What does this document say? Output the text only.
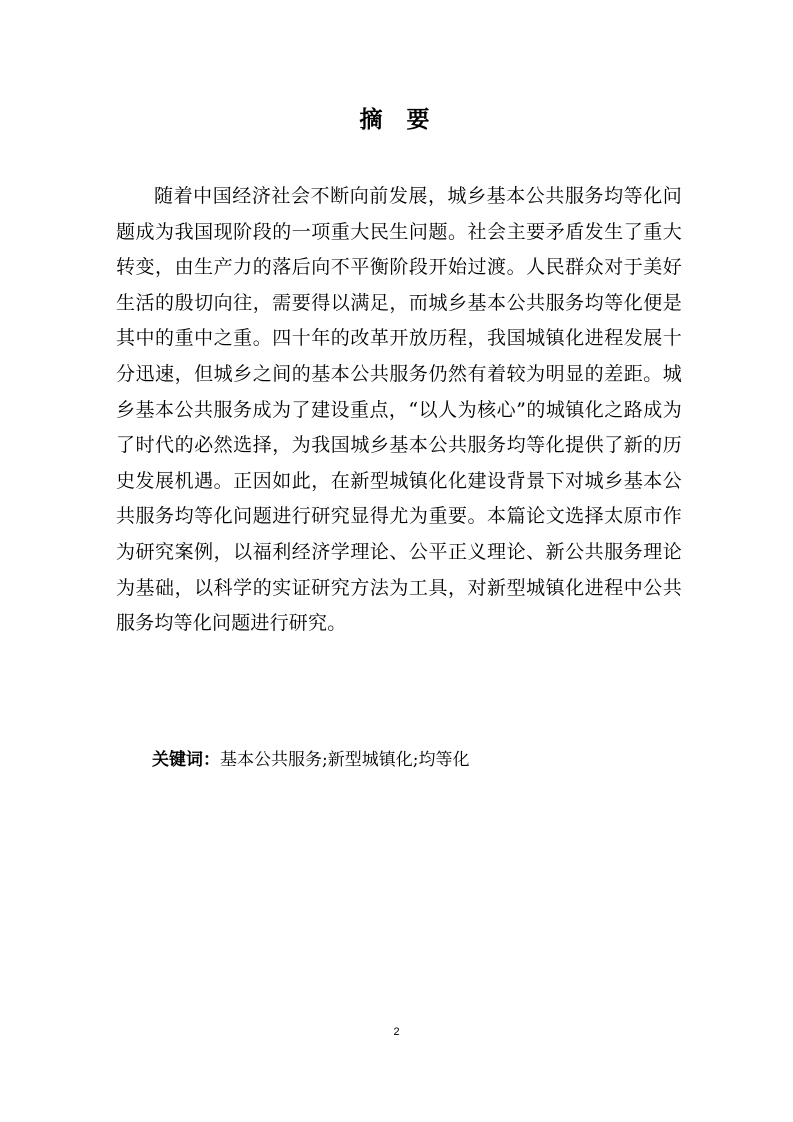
摘 要

随着中国经济社会不断向前发展，城乡基本公共服务均等化问题成为我国现阶段的一项重大民生问题。社会主要矛盾发生了重大转变，由生产力的落后向不平衡阶段开始过渡。人民群众对于美好生活的殷切向往，需要得以满足，而城乡基本公共服务均等化便是其中的重中之重。四十年的改革开放历程，我国城镇化进程发展十分迅速，但城乡之间的基本公共服务仍然有着较为明显的差距。城乡基本公共服务成为了建设重点，“以人为核心”的城镇化之路成为了时代的必然选择，为我国城乡基本公共服务均等化提供了新的历史发展机遇。正因如此，在新型城镇化化建设背景下对城乡基本公共服务均等化问题进行研究显得尤为重要。本篇论文选择太原市作为研究案例，以福利经济学理论、公平正义理论、新公共服务理论为基础，以科学的实证研究方法为工具，对新型城镇化进程中公共服务均等化问题进行研究。

关键词：基本公共服务;新型城镇化;均等化
2
